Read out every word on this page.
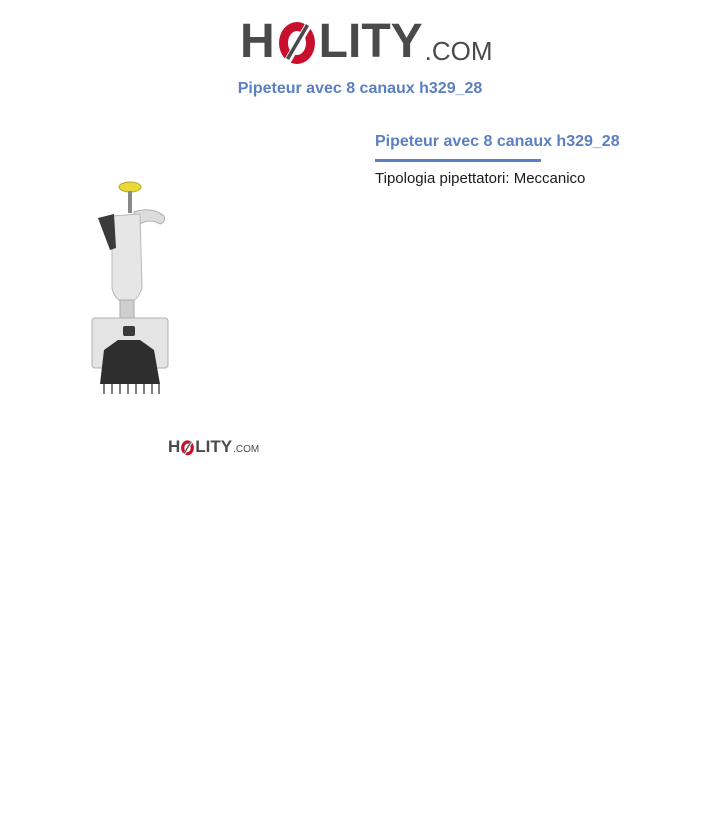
H LITY .COM
Pipeteur avec 8 canaux h329_28
H LITY .COM
Pipeteur avec 8 canaux h329_28
Tipologia pipettatori: Meccanico
